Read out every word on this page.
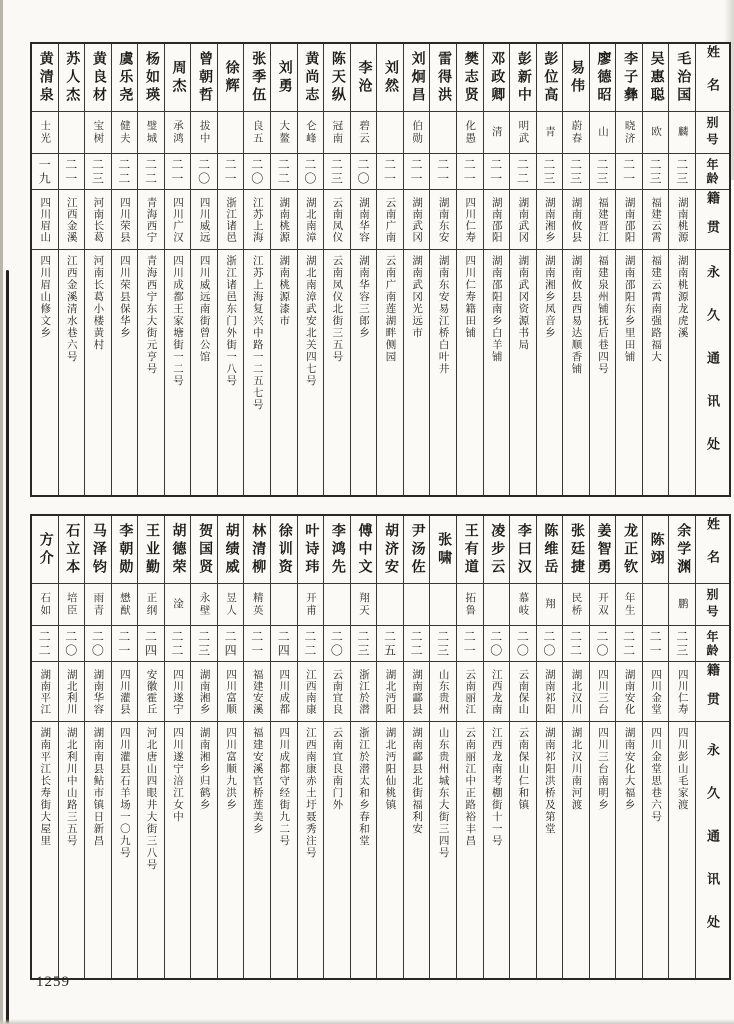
姓名
别号
年龄
籍贯
永久通讯处
毛治国
麟
二三
湖南桃源
湖南桃源龙虎溪
吴惠聪
欧
二三
福建云霄
福建云霄南强路福大
李子彝
晓济
二一
湖南邵阳
湖南邵阳东乡里田铺
廖德昭
山
二三
福建晋江
福建泉州铺抚后巷四号
易伟
蔚春
二三
湖南攸县
湖南攸县西易达顺香铺
彭位高
青
二三
湖南湘乡
湖南湘乡凤音乡
彭新中
明武
二二
湖南武冈
湖南武冈资源书局
邓政卿
清
二一
湖南邵阳
湖南邵阳南乡白羊铺
樊志贤
化愚
二一
四川仁寿
四川仁寿籍田铺
雷得洪
二一
湖南东安
湖南东安易江桥白叶井
刘炯昌
伯勋
二一
湖南武冈
湖南武冈光远市
刘然
二一
云南广南
云南广南莲湖畔侧园
李沧
碧云
二〇
湖南华容
湖南华容三郎乡
陈天纵
冠南
二三
云南凤仪
云南凤仪北街三五号
黄尚志
仑峰
二〇
湖北南漳
湖北南漳武安北关四七号
刘勇
大鳌
二二
湖南桃源
湖南桃源漆市
张季伍
良五
二〇
江苏上海
江苏上海复兴中路一二五七号
徐辉
二一
浙江诸邑
浙江诸邑东门外街一八号
曾朝哲
拔中
二〇
四川威远
四川威远南街曾公馆
周杰
承鸿
二一
四川广汉
四川成都王家塘街一二号
杨如瑛
璧城
二二
青海西宁
青海西宁东大街元亨号
虞乐尧
健夫
二二
四川荣县
四川荣县保华乡
黄良材
宝树
二三
河南长葛
河南长葛小楼黄村
苏人杰
二一
江西金溪
江西金溪清水巷六号
黄清泉
士光
一九
四川眉山
四川眉山修文乡
姓名
别号
年龄
籍贯
永久通讯处
余学渊
鹏
二三
四川仁寿
四川彭山毛家渡
陈翊
二一
四川金堂
四川金堂思巷六号
龙正钦
年生
二二
湖南安化
湖南安化大福乡
姜智勇
开双
二〇
四川三台
四川三台南明乡
张廷捷
民桥
二二
湖北汉川
湖北汉川南河渡
陈维岳
翔
二〇
湖南祁阳
湖南祁阳洪桥及第堂
李曰汉
慕岐
二〇
云南保山
云南保山仁和镇
凌步云
二〇
江西龙南
江西龙南考棚街十一号
王有道
拓鲁
二一
云南丽江
云南丽江中正路裕丰昌
张啸
二三
山东贵州
山东贵州城东大街三四号
尹汤佐
二二
湖南酃县
湖南酃县北街福利安
胡济安
二五
湖北沔阳
湖北沔阳仙桃镇
傅中文
翔天
二三
浙江於潜
浙江於潜太和乡春和堂
李鸿先
二〇
云南宜良
云南宜良南门外
叶诗玮
开甫
二二
江西南康
江西南康赤土圩聂秀注号
徐训资
二四
四川成都
四川成都守经街九二号
林清柳
精英
二一
福建安溪
福建安溪官桥莲美乡
胡绩威
昱人
二四
四川富顺
四川富顺九洪乡
贺国贤
永壁
二三
湖南湘乡
湖南湘乡归鹤乡
胡德荣
淦
二二
四川遂宁
四川遂宁涪江女中
王业勤
正纲
二四
安徽霍丘
河北唐山四眼井大街三八号
李朝勋
懋猷
二一
四川灌县
四川灌县石羊场一〇九号
马泽钧
雨青
二〇
湖南华容
湖南南县鲇市镇日新昌
石立本
培臣
二〇
湖北利川
湖北利川中山路三五号
方介
石如
二二
湖南平江
湖南平江长寿街大屋里
1259
